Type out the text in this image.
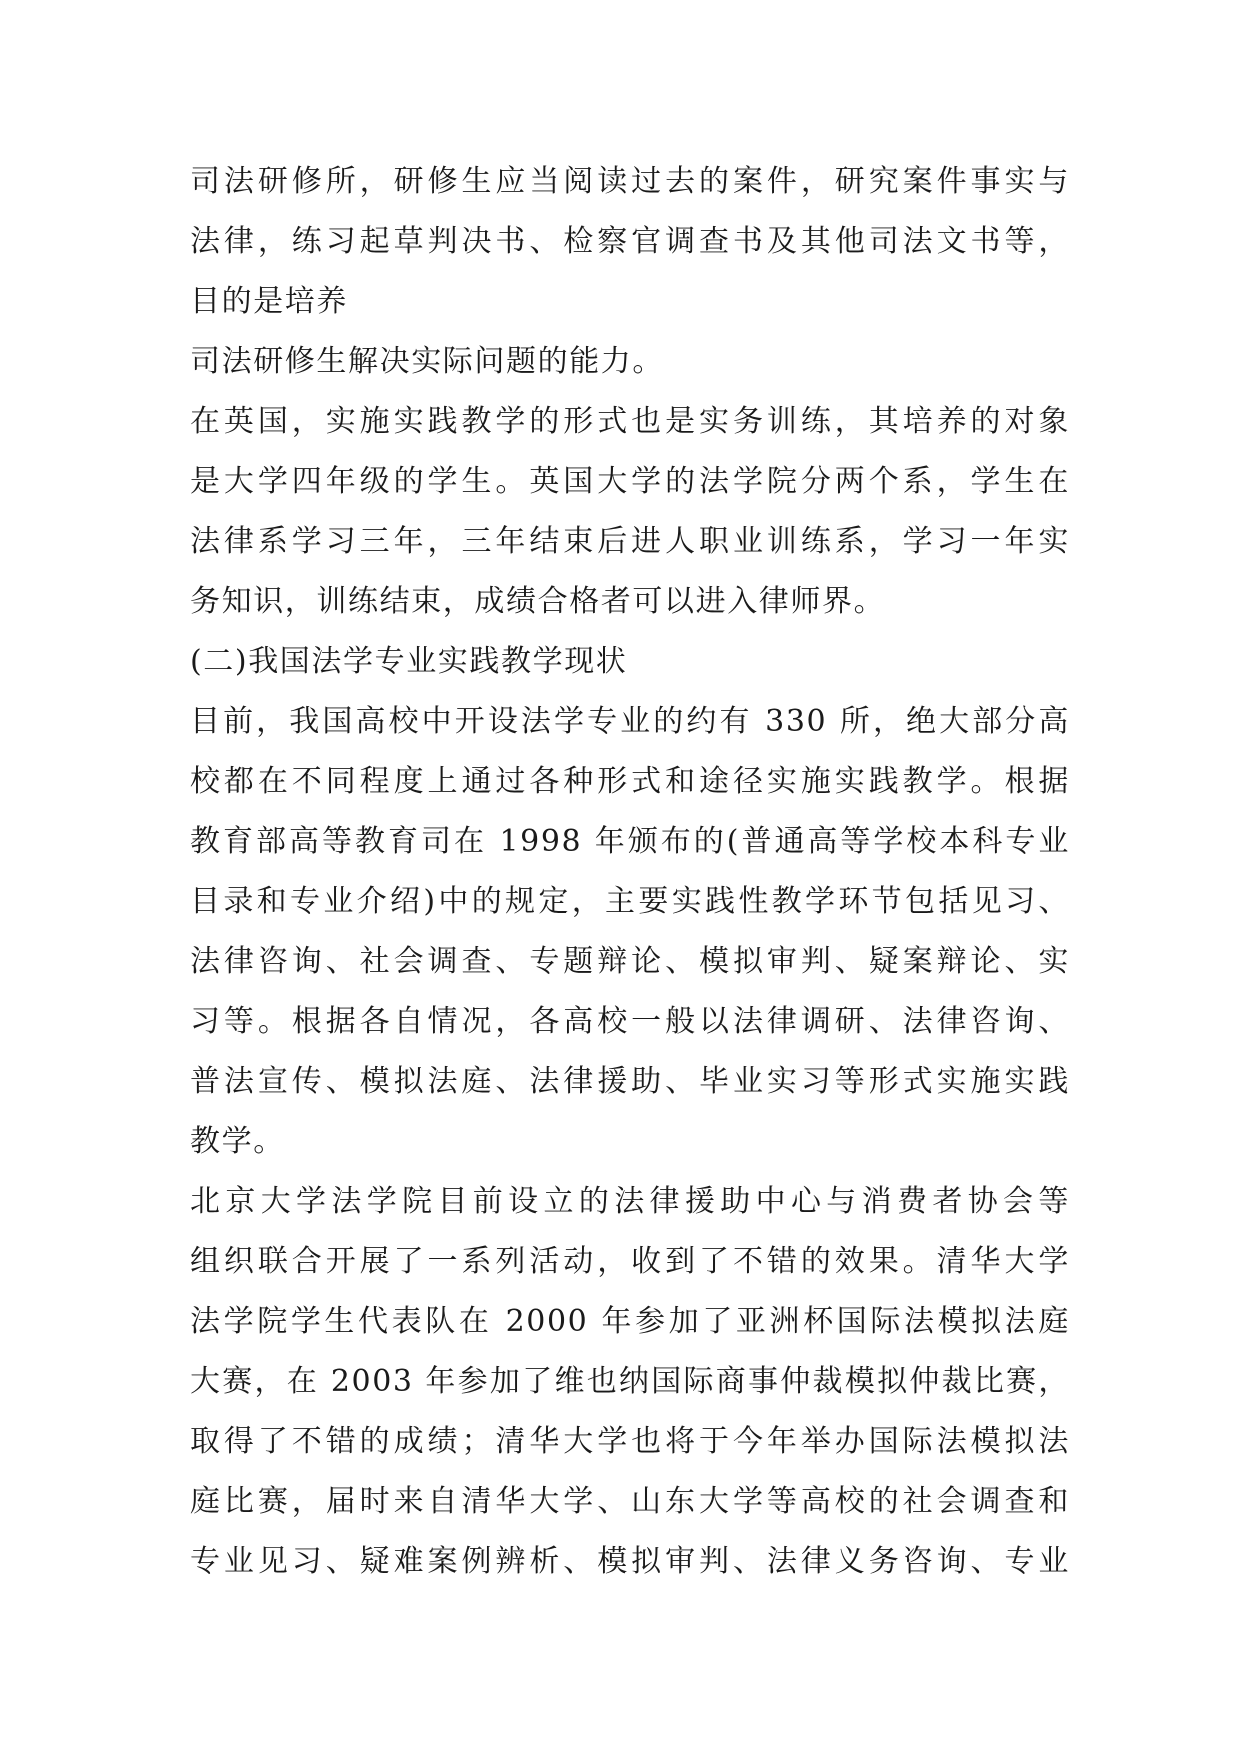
司法研修所，研修生应当阅读过去的案件，研究案件事实与
法律，练习起草判决书、检察官调查书及其他司法文书等，
目的是培养
司法研修生解决实际问题的能力。
在英国，实施实践教学的形式也是实务训练，其培养的对象
是大学四年级的学生。英国大学的法学院分两个系，学生在
法律系学习三年，三年结束后进人职业训练系，学习一年实
务知识，训练结束，成绩合格者可以进入律师界。
(二)我国法学专业实践教学现状
目前，我国高校中开设法学专业的约有 330 所，绝大部分高
校都在不同程度上通过各种形式和途径实施实践教学。根据
教育部高等教育司在 1998 年颁布的(普通高等学校本科专业
目录和专业介绍)中的规定，主要实践性教学环节包括见习、
法律咨询、社会调查、专题辩论、模拟审判、疑案辩论、实
习等。根据各自情况，各高校一般以法律调研、法律咨询、
普法宣传、模拟法庭、法律援助、毕业实习等形式实施实践
教学。
北京大学法学院目前设立的法律援助中心与消费者协会等
组织联合开展了一系列活动，收到了不错的效果。清华大学
法学院学生代表队在 2000 年参加了亚洲杯国际法模拟法庭
大赛，在 2003 年参加了维也纳国际商事仲裁模拟仲裁比赛，
取得了不错的成绩；清华大学也将于今年举办国际法模拟法
庭比赛，届时来自清华大学、山东大学等高校的社会调查和
专业见习、疑难案例辨析、模拟审判、法律义务咨询、专业
